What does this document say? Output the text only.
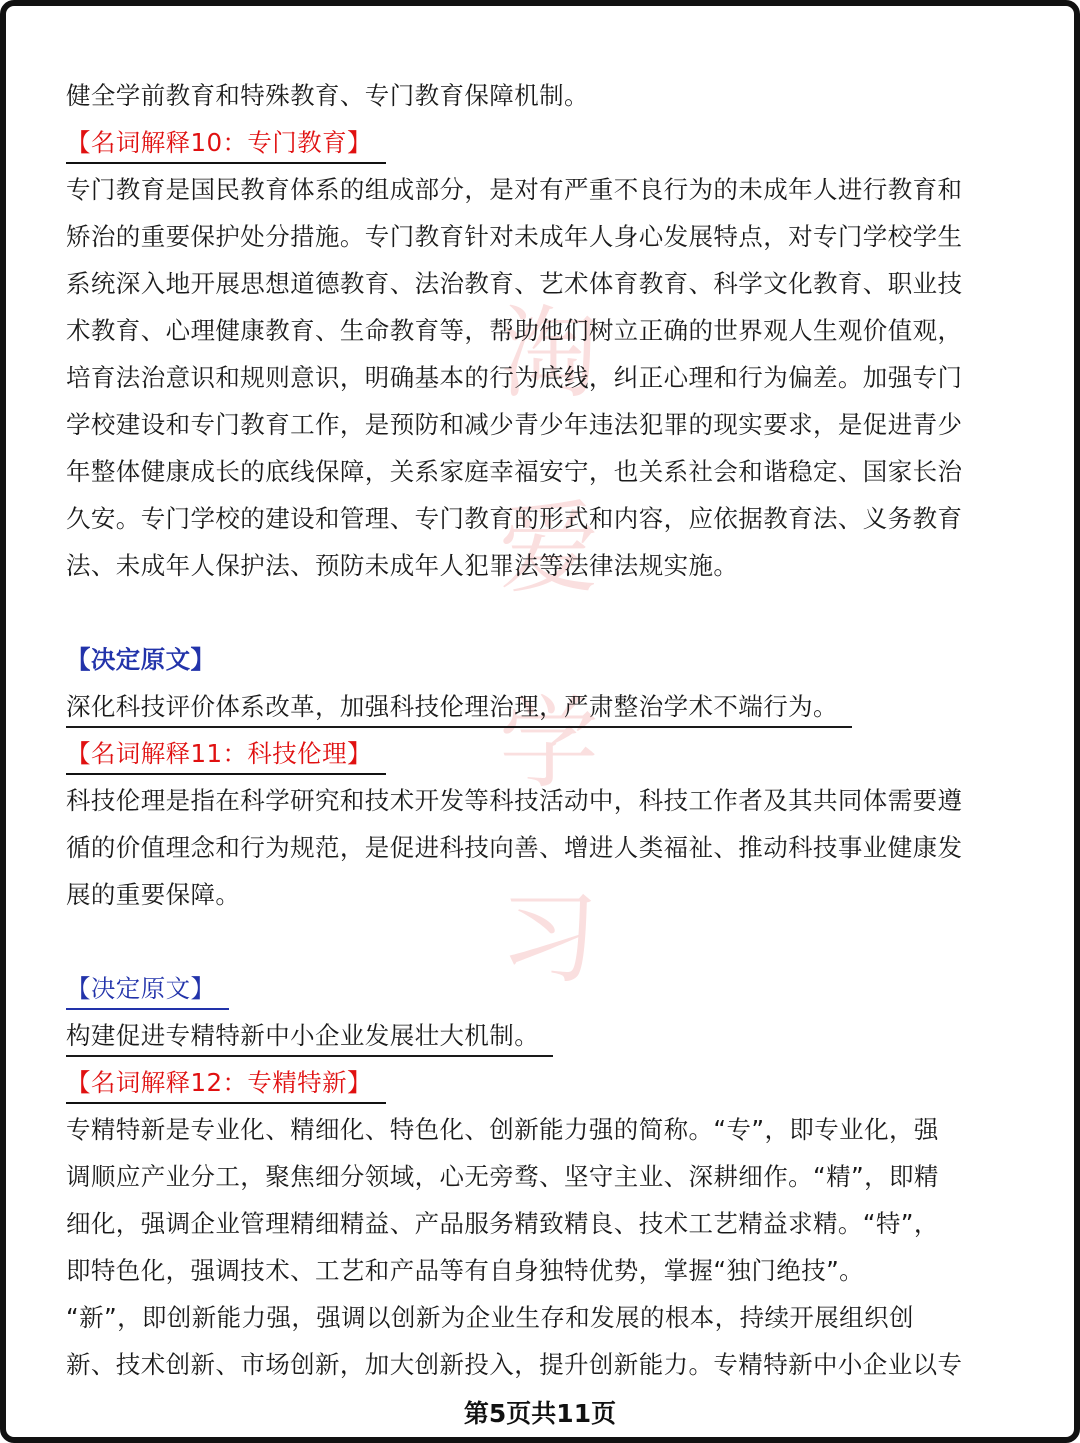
淘爱学习
健全学前教育和特殊教育、专门教育保障机制。
【名词解释10：专门教育】
专门教育是国民教育体系的组成部分，是对有严重不良行为的未成年人进行教育和
矫治的重要保护处分措施。专门教育针对未成年人身心发展特点，对专门学校学生
系统深入地开展思想道德教育、法治教育、艺术体育教育、科学文化教育、职业技
术教育、心理健康教育、生命教育等，帮助他们树立正确的世界观人生观价值观，
培育法治意识和规则意识，明确基本的行为底线，纠正心理和行为偏差。加强专门
学校建设和专门教育工作，是预防和减少青少年违法犯罪的现实要求，是促进青少
年整体健康成长的底线保障，关系家庭幸福安宁，也关系社会和谐稳定、国家长治
久安。专门学校的建设和管理、专门教育的形式和内容，应依据教育法、义务教育
法、未成年人保护法、预防未成年人犯罪法等法律法规实施。
【决定原文】
深化科技评价体系改革，加强科技伦理治理，严肃整治学术不端行为。
【名词解释11：科技伦理】
科技伦理是指在科学研究和技术开发等科技活动中，科技工作者及其共同体需要遵
循的价值理念和行为规范，是促进科技向善、增进人类福祉、推动科技事业健康发
展的重要保障。
【决定原文】
构建促进专精特新中小企业发展壮大机制。
【名词解释12：专精特新】
专精特新是专业化、精细化、特色化、创新能力强的简称。“专”，即专业化，强
调顺应产业分工，聚焦细分领域，心无旁骛、坚守主业、深耕细作。“精”，即精
细化，强调企业管理精细精益、产品服务精致精良、技术工艺精益求精。“特”，
即特色化，强调技术、工艺和产品等有自身独特优势，掌握“独门绝技”。
“新”，即创新能力强，强调以创新为企业生存和发展的根本，持续开展组织创
新、技术创新、市场创新，加大创新投入，提升创新能力。专精特新中小企业以专
第5页共11页
